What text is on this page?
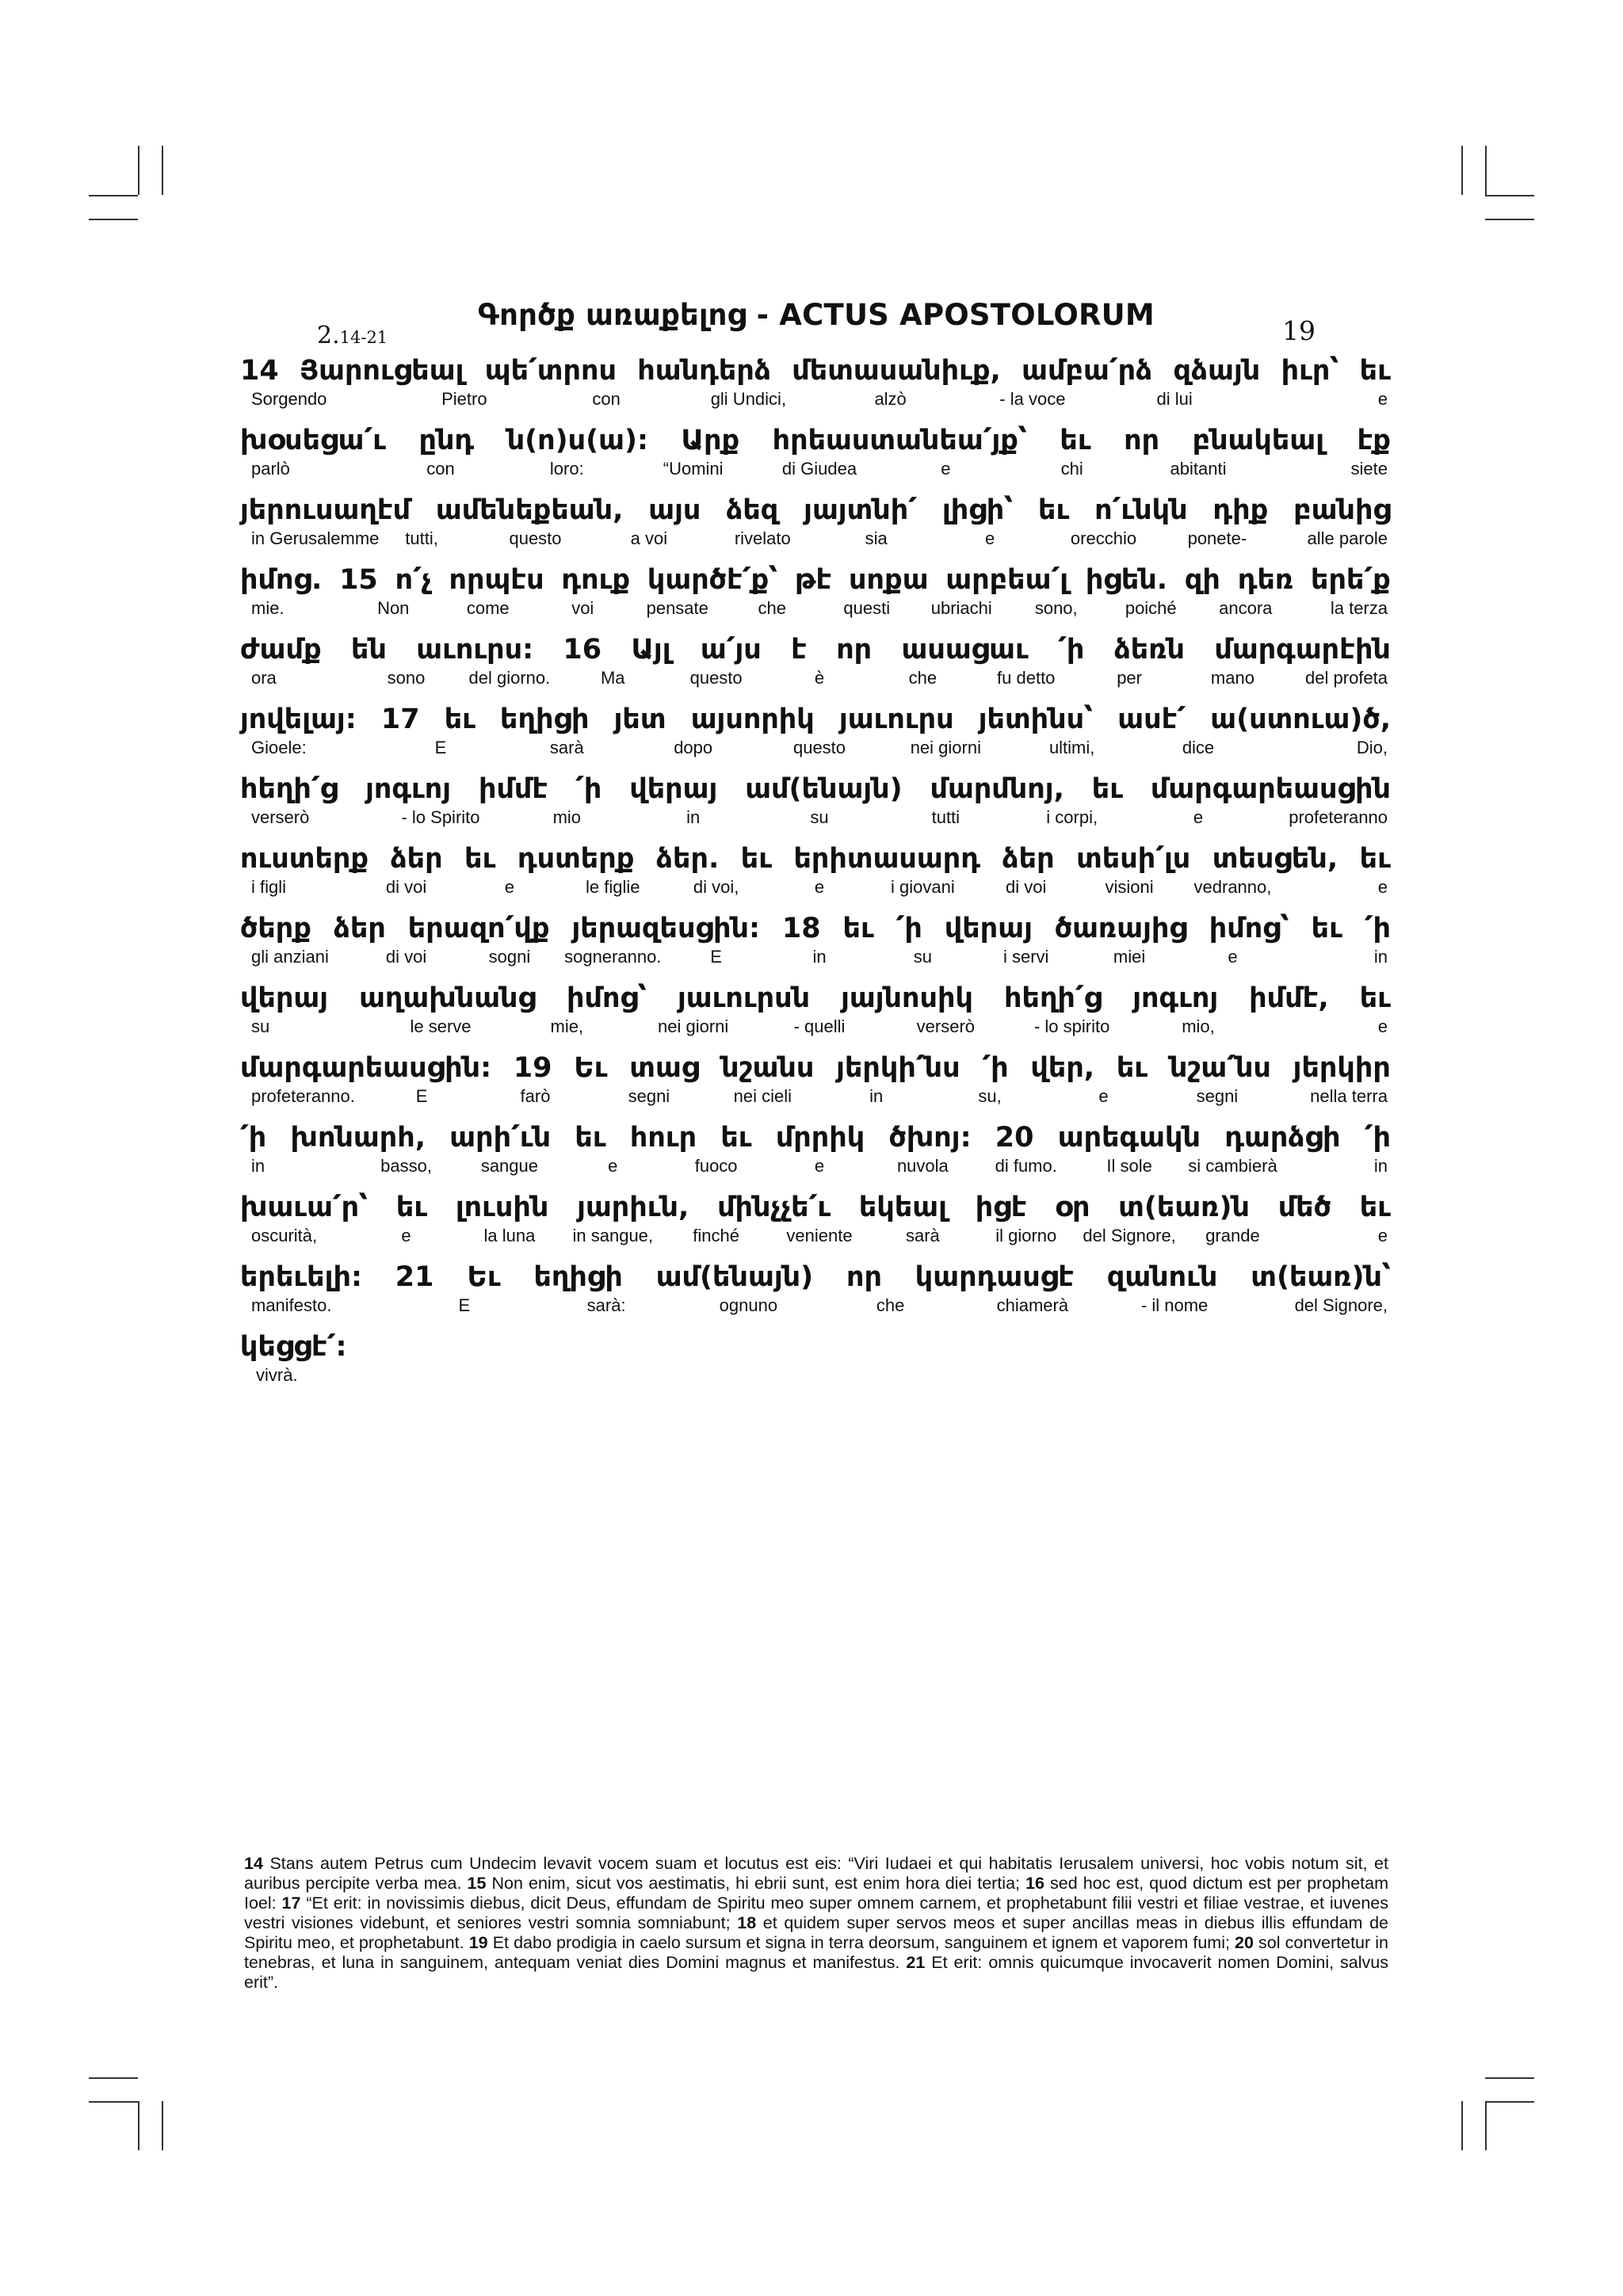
2.14-21
Գործք առաքելոց - ACTUS APOSTOLORUM	19
14 Յարուցեալ պե՛տրոս հանդերձ մետասանիւք, ամբա՛րձ զձայն իւր՝ եւ
Sorgendo	Pietro	con	gli Undici,	alzò	- la voce	di lui	e
խօսեցա՛ւ ընդ ն(ո)ս(ա): Արք հրեաստանեա՛յք՝ եւ որ բնակեալ էք
parlò	con	loro:	“Uomini	di Giudea	e	chi	abitanti	siete
յերուսաղէմ ամենեքեան, այս ձեզ յայտնի՛ լիցի՝ եւ ո՛ւնկն դիք բանից
in Gerusalemme tutti,	questo	a voi	rivelato	sia	e	orecchio	ponete-	alle parole
իմոց. 15 ո՛չ որպէս դուք կարծէ՛ք՝ թէ սոքա արբեա՛լ իցեն. զի դեռ երե՛ք
mie.	Non	come	voi	pensate	che	questi ubriachi sono,	poiché ancora	la terza
ժամք են աւուրս: 16 Այլ ա՛յս է որ ասացաւ ՛ի ձեռն մարգարէին
ora	sono	del giorno.	Ma	questo	è	che	fu detto	per	mano	del profeta
յովելայ: 17 եւ եղիցի յետ այսորիկ յաւուրս յետինս՝ ասէ՛ ա(ստուա)ծ,
Gioele:	E	sarà	dopo	questo	nei giorni	ultimi,	dice	Dio,
հեղի՛ց յոգւոյ իմմէ ՛ի վերայ ամ(ենայն) մարմնոյ, եւ մարգարեասցին
verserò	- lo Spirito	mio	in	su	tutti	i corpi,	e	profeteranno
ուստերք ձեր եւ դստերք ձեր. եւ երիտասարդ ձեր տեսի՛լս տեսցեն, եւ
i figli	di voi	e	le figlie	di voi,	e	i giovani	di voi	visioni vedranno,	e
ծերք ձեր երազո՛վք յերազեսցին: 18 եւ ՛ի վերայ ծառայից իմոց՝ եւ ՛ի
gli anziani	di voi	sogni sogneranno.	E	in	su	i servi	miei	e	in
վերայ աղախնանց իմոց՝ յաւուրսն յայնոսիկ հեղի՛ց յոգւոյ իմմէ, եւ
su	le serve	mie,	nei giorni	- quelli	verserò	- lo spirito	mio,	e
մարգարեասցին: 19 Եւ տաց նշանս յերկի՛նս ՛ի վեր, եւ նշա՛նս յերկիր
profeteranno.	E	farò	segni	nei cieli	in	su,	e	segni	nella terra
՛ի խոնարհ, արի՛ւն եւ հուր եւ մրրիկ ծխոյ: 20 արեգակն դարձցի ՛ի
in	basso,	sangue	e	fuoco	e	nuvola	di fumo.	Il sole si cambierà	in
խաւա՛ր՝ եւ լուսին յարիւն, մինչչե՛ւ եկեալ իցէ օր տ(եառ)ն մեծ եւ
oscurità,	e	la luna in sangue, finché	veniente	sarà	il giorno del Signore, grande	e
երեւելի: 21 Եւ եղիցի ամ(ենայն) որ կարդասցէ զանուն տ(եառ)ն՝
manifesto.	E	sarà:	ognuno	che	chiamerà	- il nome	del Signore,
կեցցէ՛:
vivrà.
14 Stans autem Petrus cum Undecim levavit vocem suam et locutus est eis: “Viri Iudaei et qui habitatis Ierusalem universi, hoc vobis notum sit, et auribus percipite verba mea. 15 Non enim, sicut vos aestimatis, hi ebrii sunt, est enim hora diei tertia; 16 sed hoc est, quod dictum est per prophetam Ioel: 17 “Et erit: in novissimis diebus, dicit Deus, effundam de Spiritu meo super omnem carnem, et prophetabunt filii vestri et filiae vestrae, et iuvenes vestri visiones videbunt, et seniores vestri somnia somniabunt; 18 et quidem super servos meos et super ancillas meas in diebus illis effundam de Spiritu meo, et prophetabunt. 19 Et dabo prodigia in caelo sursum et signa in terra deorsum, sanguinem et ignem et vaporem fumi; 20 sol convertetur in tenebras, et luna in sanguinem, antequam veniat dies Domini magnus et manifestus. 21 Et erit: omnis quicumque invocaverit nomen Domini, salvus erit”.
